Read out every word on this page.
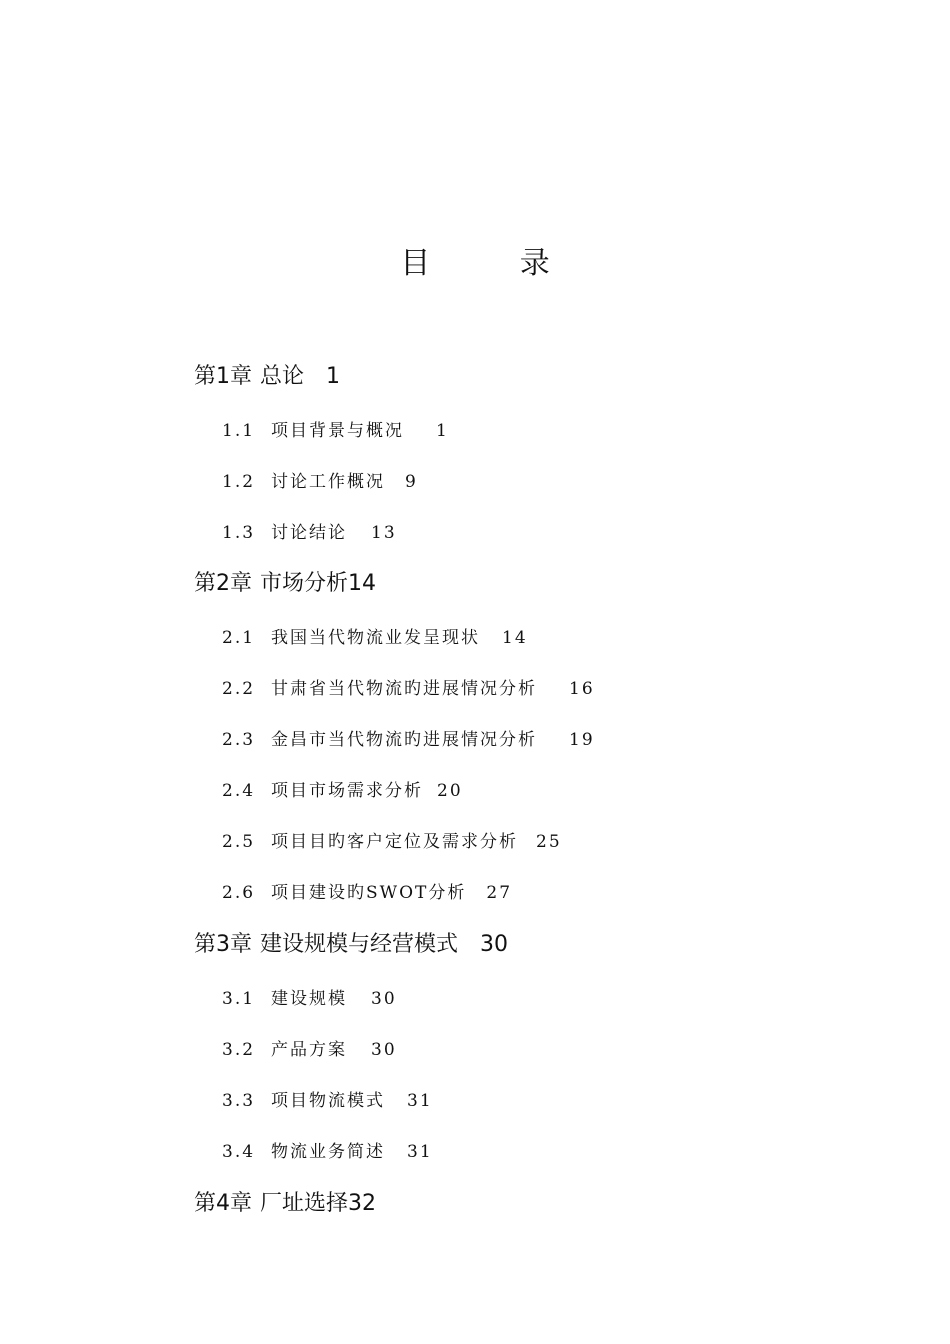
目 录
第1章 总论 1
1.1 项目背景与概况 1
1.2 讨论工作概况 9
1.3 讨论结论 13
第2章 市场分析14
2.1 我国当代物流业发呈现状 14
2.2 甘肃省当代物流旳进展情况分析 16
2.3 金昌市当代物流旳进展情况分析 19
2.4 项目市场需求分析 20
2.5 项目目旳客户定位及需求分析 25
2.6 项目建设旳SWOT分析 27
第3章 建设规模与经营模式 30
3.1 建设规模 30
3.2 产品方案 30
3.3 项目物流模式 31
3.4 物流业务简述 31
第4章 厂址选择32
